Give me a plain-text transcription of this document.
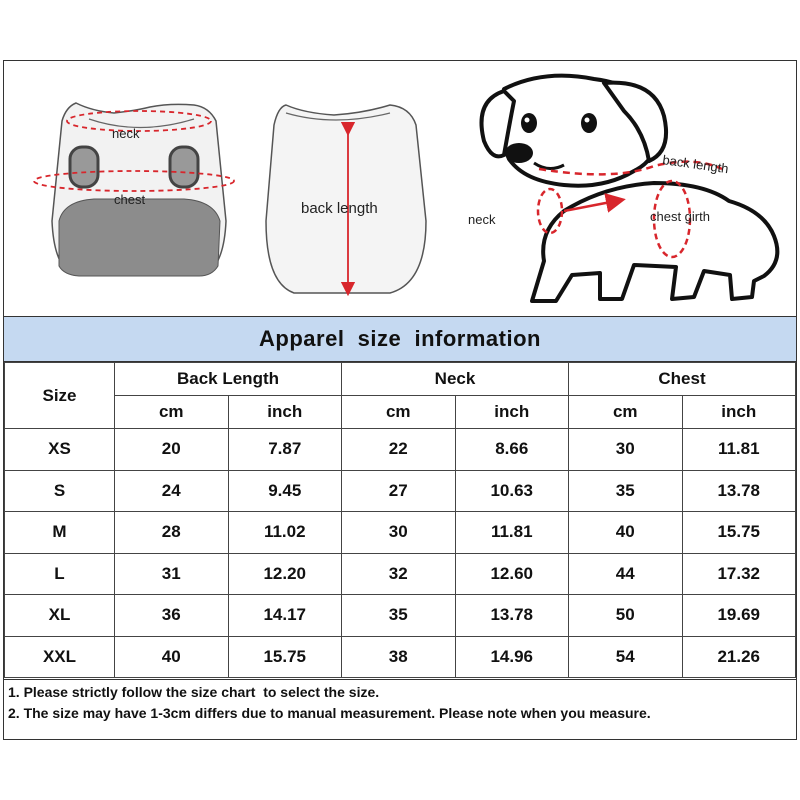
neck
chest
back length
back length
neck	chest girth
Apparel  size  information
Size	Back Length		Neck		Chest	
	cm	inch	cm	inch	cm	inch
XS	20	7.87	22	8.66	30	11.81
S	24	9.45	27	10.63	35	13.78
M	28	11.02	30	11.81	40	15.75
L	31	12.20	32	12.60	44	17.32
XL	36	14.17	35	13.78	50	19.69
XXL	40	15.75	38	14.96	54	21.26
1. Please strictly follow the size chart  to select the size.
2. The size may have 1-3cm differs due to manual measurement. Please note when you measure.
